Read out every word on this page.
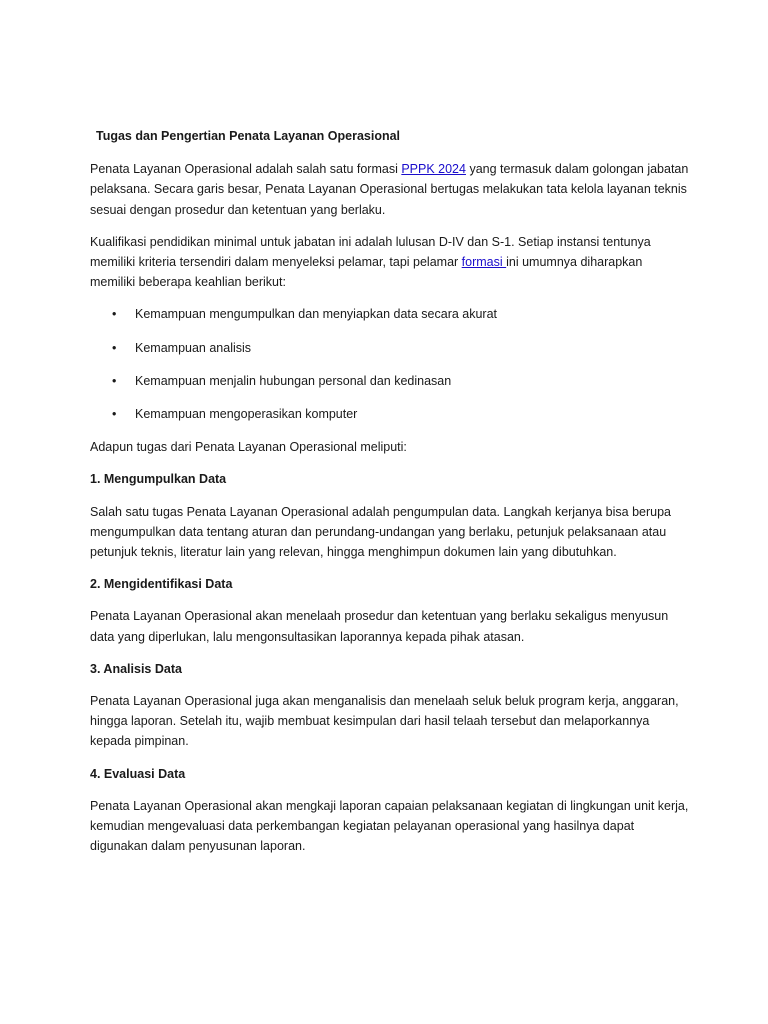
Tugas dan Pengertian Penata Layanan Operasional

Penata Layanan Operasional adalah salah satu formasi PPPK 2024 yang termasuk dalam golongan jabatan pelaksana. Secara garis besar, Penata Layanan Operasional bertugas melakukan tata kelola layanan teknis sesuai dengan prosedur dan ketentuan yang berlaku.

Kualifikasi pendidikan minimal untuk jabatan ini adalah lulusan D-IV dan S-1. Setiap instansi tentunya memiliki kriteria tersendiri dalam menyeleksi pelamar, tapi pelamar formasi ini umumnya diharapkan memiliki beberapa keahlian berikut:

• Kemampuan mengumpulkan dan menyiapkan data secara akurat
• Kemampuan analisis
• Kemampuan menjalin hubungan personal dan kedinasan
• Kemampuan mengoperasikan komputer

Adapun tugas dari Penata Layanan Operasional meliputi:

1. Mengumpulkan Data

Salah satu tugas Penata Layanan Operasional adalah pengumpulan data. Langkah kerjanya bisa berupa mengumpulkan data tentang aturan dan perundang-undangan yang berlaku, petunjuk pelaksanaan atau petunjuk teknis, literatur lain yang relevan, hingga menghimpun dokumen lain yang dibutuhkan.

2. Mengidentifikasi Data

Penata Layanan Operasional akan menelaah prosedur dan ketentuan yang berlaku sekaligus menyusun data yang diperlukan, lalu mengonsultasikan laporannya kepada pihak atasan.

3. Analisis Data

Penata Layanan Operasional juga akan menganalisis dan menelaah seluk beluk program kerja, anggaran, hingga laporan. Setelah itu, wajib membuat kesimpulan dari hasil telaah tersebut dan melaporkannya kepada pimpinan.

4. Evaluasi Data

Penata Layanan Operasional akan mengkaji laporan capaian pelaksanaan kegiatan di lingkungan unit kerja, kemudian mengevaluasi data perkembangan kegiatan pelayanan operasional yang hasilnya dapat digunakan dalam penyusunan laporan.
